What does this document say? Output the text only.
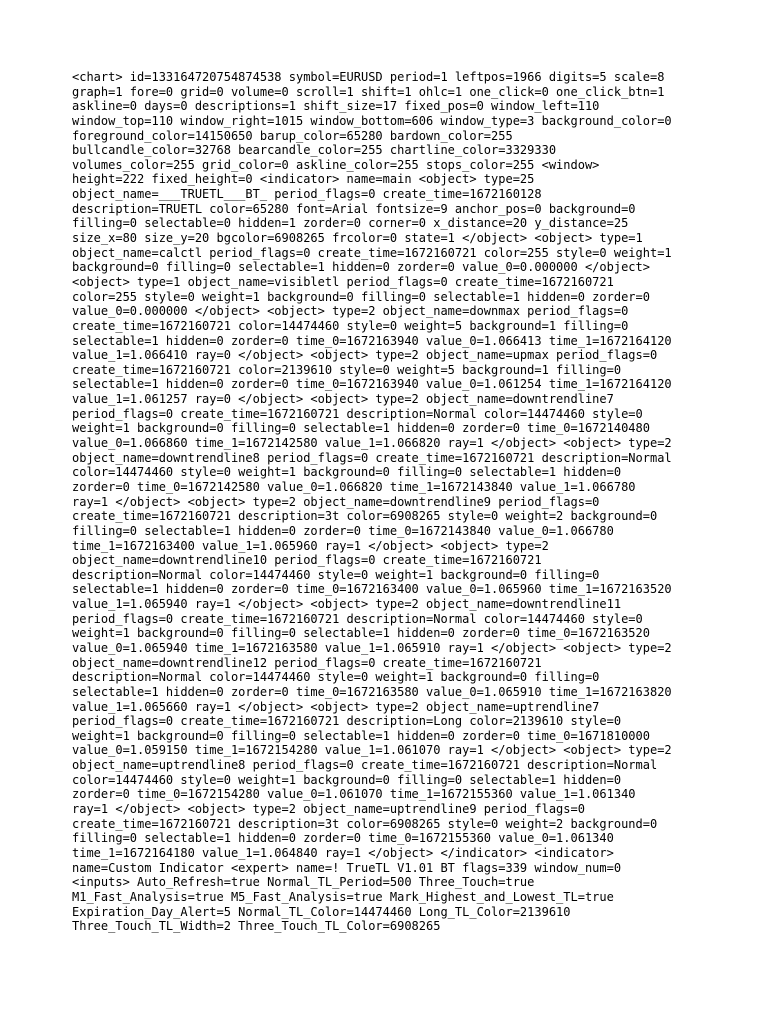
<chart> id=133164720754874538 symbol=EURUSD period=1 leftpos=1966 digits=5 scale=8
graph=1 fore=0 grid=0 volume=0 scroll=1 shift=1 ohlc=1 one_click=0 one_click_btn=1
askline=0 days=0 descriptions=1 shift_size=17 fixed_pos=0 window_left=110
window_top=110 window_right=1015 window_bottom=606 window_type=3 background_color=0
foreground_color=14150650 barup_color=65280 bardown_color=255
bullcandle_color=32768 bearcandle_color=255 chartline_color=3329330
volumes_color=255 grid_color=0 askline_color=255 stops_color=255 <window>
height=222 fixed_height=0 <indicator> name=main <object> type=25
object_name=___TRUETL___BT_ period_flags=0 create_time=1672160128
description=TRUETL color=65280 font=Arial fontsize=9 anchor_pos=0 background=0
filling=0 selectable=0 hidden=1 zorder=0 corner=0 x_distance=20 y_distance=25
size_x=80 size_y=20 bgcolor=6908265 frcolor=0 state=1 </object> <object> type=1
object_name=calctl period_flags=0 create_time=1672160721 color=255 style=0 weight=1
background=0 filling=0 selectable=1 hidden=0 zorder=0 value_0=0.000000 </object>
<object> type=1 object_name=visibletl period_flags=0 create_time=1672160721
color=255 style=0 weight=1 background=0 filling=0 selectable=1 hidden=0 zorder=0
value_0=0.000000 </object> <object> type=2 object_name=downmax period_flags=0
create_time=1672160721 color=14474460 style=0 weight=5 background=1 filling=0
selectable=1 hidden=0 zorder=0 time_0=1672163940 value_0=1.066413 time_1=1672164120
value_1=1.066410 ray=0 </object> <object> type=2 object_name=upmax period_flags=0
create_time=1672160721 color=2139610 style=0 weight=5 background=1 filling=0
selectable=1 hidden=0 zorder=0 time_0=1672163940 value_0=1.061254 time_1=1672164120
value_1=1.061257 ray=0 </object> <object> type=2 object_name=downtrendline7
period_flags=0 create_time=1672160721 description=Normal color=14474460 style=0
weight=1 background=0 filling=0 selectable=1 hidden=0 zorder=0 time_0=1672140480
value_0=1.066860 time_1=1672142580 value_1=1.066820 ray=1 </object> <object> type=2
object_name=downtrendline8 period_flags=0 create_time=1672160721 description=Normal
color=14474460 style=0 weight=1 background=0 filling=0 selectable=1 hidden=0
zorder=0 time_0=1672142580 value_0=1.066820 time_1=1672143840 value_1=1.066780
ray=1 </object> <object> type=2 object_name=downtrendline9 period_flags=0
create_time=1672160721 description=3t color=6908265 style=0 weight=2 background=0
filling=0 selectable=1 hidden=0 zorder=0 time_0=1672143840 value_0=1.066780
time_1=1672163400 value_1=1.065960 ray=1 </object> <object> type=2
object_name=downtrendline10 period_flags=0 create_time=1672160721
description=Normal color=14474460 style=0 weight=1 background=0 filling=0
selectable=1 hidden=0 zorder=0 time_0=1672163400 value_0=1.065960 time_1=1672163520
value_1=1.065940 ray=1 </object> <object> type=2 object_name=downtrendline11
period_flags=0 create_time=1672160721 description=Normal color=14474460 style=0
weight=1 background=0 filling=0 selectable=1 hidden=0 zorder=0 time_0=1672163520
value_0=1.065940 time_1=1672163580 value_1=1.065910 ray=1 </object> <object> type=2
object_name=downtrendline12 period_flags=0 create_time=1672160721
description=Normal color=14474460 style=0 weight=1 background=0 filling=0
selectable=1 hidden=0 zorder=0 time_0=1672163580 value_0=1.065910 time_1=1672163820
value_1=1.065660 ray=1 </object> <object> type=2 object_name=uptrendline7
period_flags=0 create_time=1672160721 description=Long color=2139610 style=0
weight=1 background=0 filling=0 selectable=1 hidden=0 zorder=0 time_0=1671810000
value_0=1.059150 time_1=1672154280 value_1=1.061070 ray=1 </object> <object> type=2
object_name=uptrendline8 period_flags=0 create_time=1672160721 description=Normal
color=14474460 style=0 weight=1 background=0 filling=0 selectable=1 hidden=0
zorder=0 time_0=1672154280 value_0=1.061070 time_1=1672155360 value_1=1.061340
ray=1 </object> <object> type=2 object_name=uptrendline9 period_flags=0
create_time=1672160721 description=3t color=6908265 style=0 weight=2 background=0
filling=0 selectable=1 hidden=0 zorder=0 time_0=1672155360 value_0=1.061340
time_1=1672164180 value_1=1.064840 ray=1 </object> </indicator> <indicator>
name=Custom Indicator <expert> name=! TrueTL V1.01 BT flags=339 window_num=0
<inputs> Auto_Refresh=true Normal_TL_Period=500 Three_Touch=true
M1_Fast_Analysis=true M5_Fast_Analysis=true Mark_Highest_and_Lowest_TL=true
Expiration_Day_Alert=5 Normal_TL_Color=14474460 Long_TL_Color=2139610
Three_Touch_TL_Width=2 Three_Touch_TL_Color=6908265
